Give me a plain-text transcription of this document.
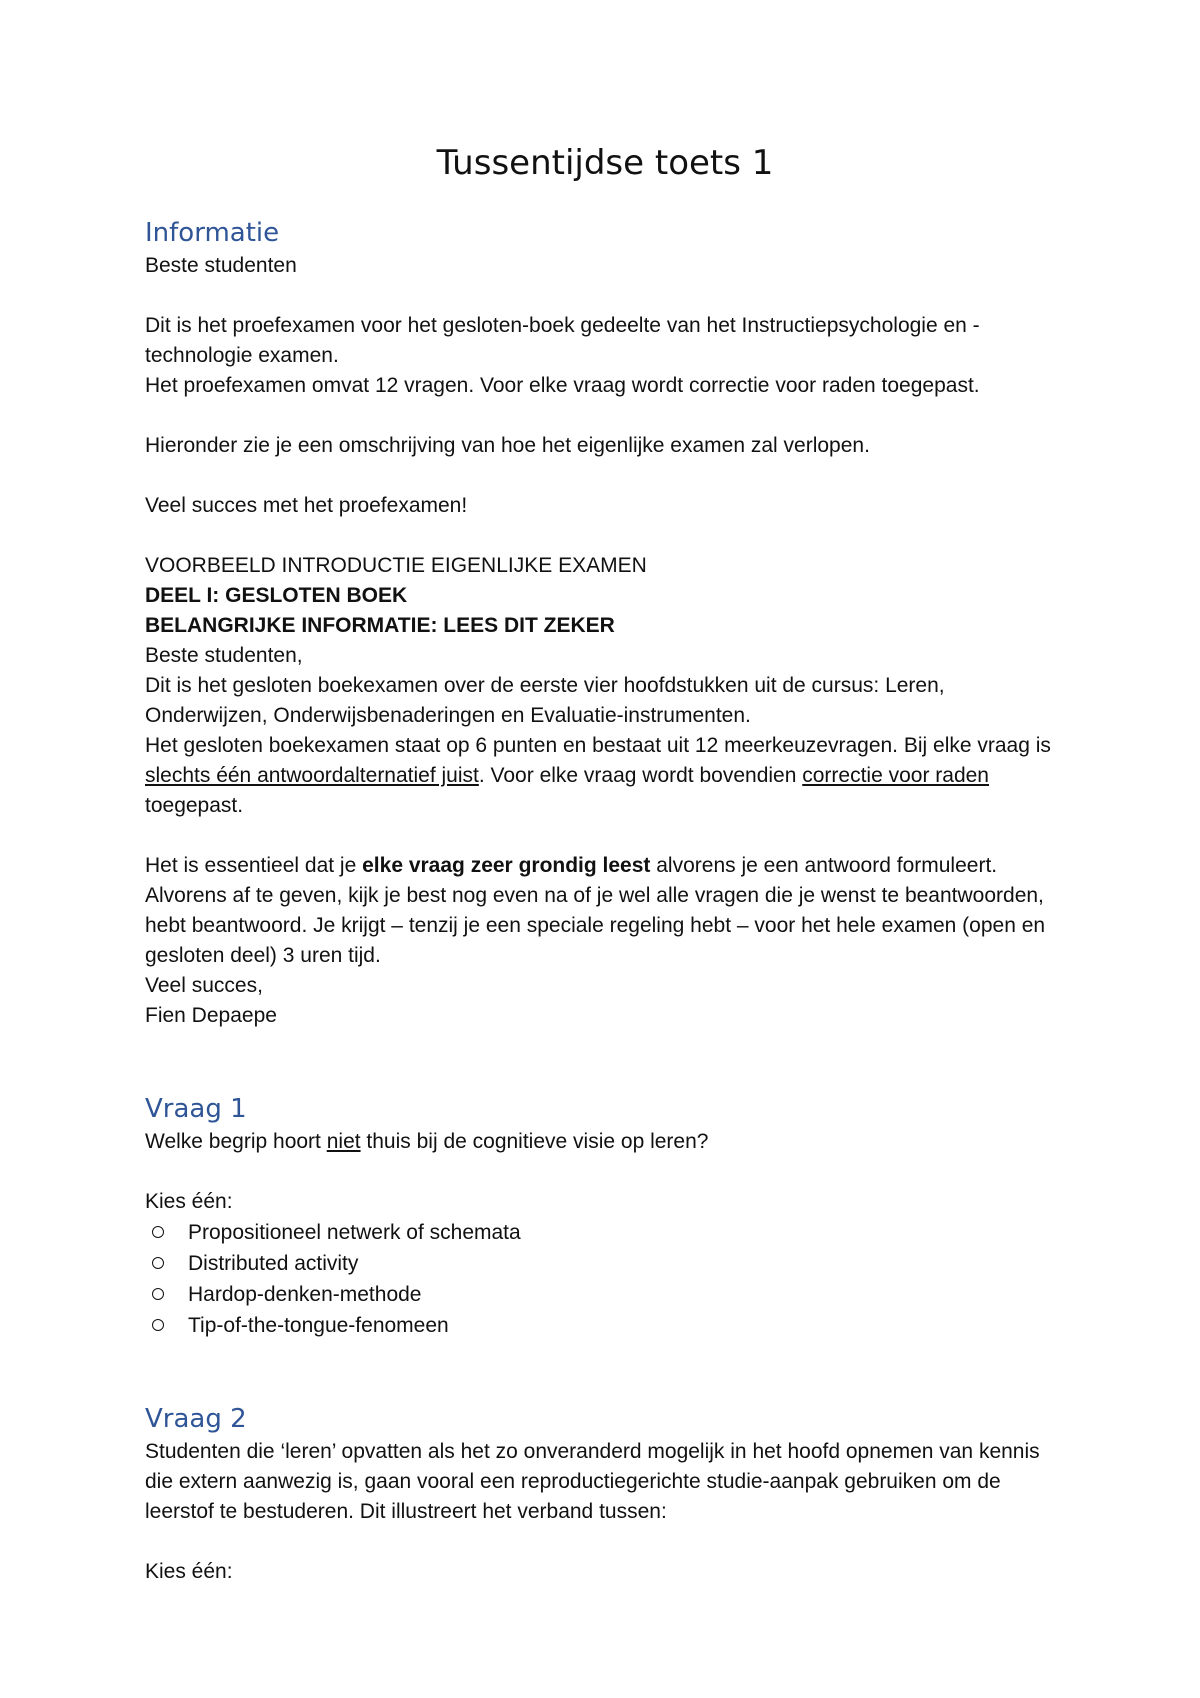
Tussentijdse toets 1
Informatie

Beste studenten

Dit is het proefexamen voor het gesloten-boek gedeelte van het Instructiepsychologie en -technologie examen.

Het proefexamen omvat 12 vragen. Voor elke vraag wordt correctie voor raden toegepast.

Hieronder zie je een omschrijving van hoe het eigenlijke examen zal verlopen.

Veel succes met het proefexamen!

VOORBEELD INTRODUCTIE EIGENLIJKE EXAMEN

DEEL I: GESLOTEN BOEK

BELANGRIJKE INFORMATIE: LEES DIT ZEKER

Beste studenten,

Dit is het gesloten boekexamen over de eerste vier hoofdstukken uit de cursus: Leren, Onderwijzen, Onderwijsbenaderingen en Evaluatie-instrumenten.

Het gesloten boekexamen staat op 6 punten en bestaat uit 12 meerkeuzevragen. Bij elke vraag is slechts één antwoordalternatief juist. Voor elke vraag wordt bovendien correctie voor raden toegepast.

Het is essentieel dat je elke vraag zeer grondig leest alvorens je een antwoord formuleert. Alvorens af te geven, kijk je best nog even na of je wel alle vragen die je wenst te beantwoorden, hebt beantwoord. Je krijgt – tenzij je een speciale regeling hebt – voor het hele examen (open en gesloten deel) 3 uren tijd.

Veel succes,

Fien Depaepe

Vraag 1

Welke begrip hoort niet thuis bij de cognitieve visie op leren?

Kies één:

Propositioneel netwerk of schemata
Distributed activity
Hardop-denken-methode
Tip-of-the-tongue-fenomeen
Vraag 2

Studenten die ‘leren’ opvatten als het zo onveranderd mogelijk in het hoofd opnemen van kennis die extern aanwezig is, gaan vooral een reproductiegerichte studie-aanpak gebruiken om de leerstof te bestuderen. Dit illustreert het verband tussen:

Kies één:
